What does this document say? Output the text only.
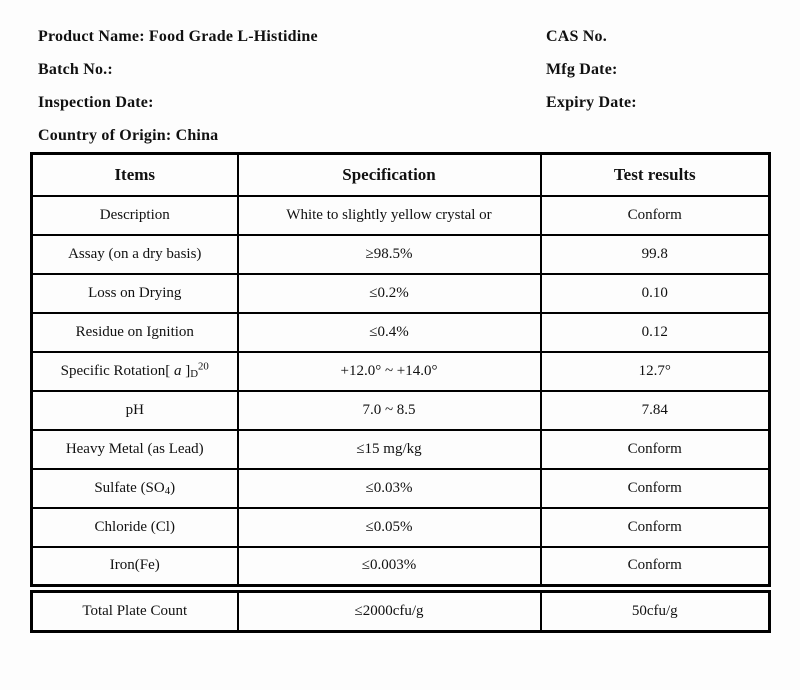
Product Name: Food Grade L-Histidine	CAS No.
Batch No.:	Mfg Date:
Inspection Date:	Expiry Date:
Country of Origin: China
Items	Specification	Test results
Description	White to slightly yellow crystal or	Conform
Assay (on a dry basis)	≥98.5%	99.8
Loss on Drying	≤0.2%	0.10
Residue on Ignition	≤0.4%	0.12
Specific Rotation[ a ]$_D^{20}$	+12.0° ~ +14.0°	12.7°
pH	7.0 ~ 8.5	7.84
Heavy Metal (as Lead)	≤15 mg/kg	Conform
Sulfate $(SO_4)$	≤0.03%	Conform
Chloride (Cl)	≤0.05%	Conform
Iron(Fe)	≤0.003%	Conform
Total Plate Count	≤2000cfu/g	50cfu/g
